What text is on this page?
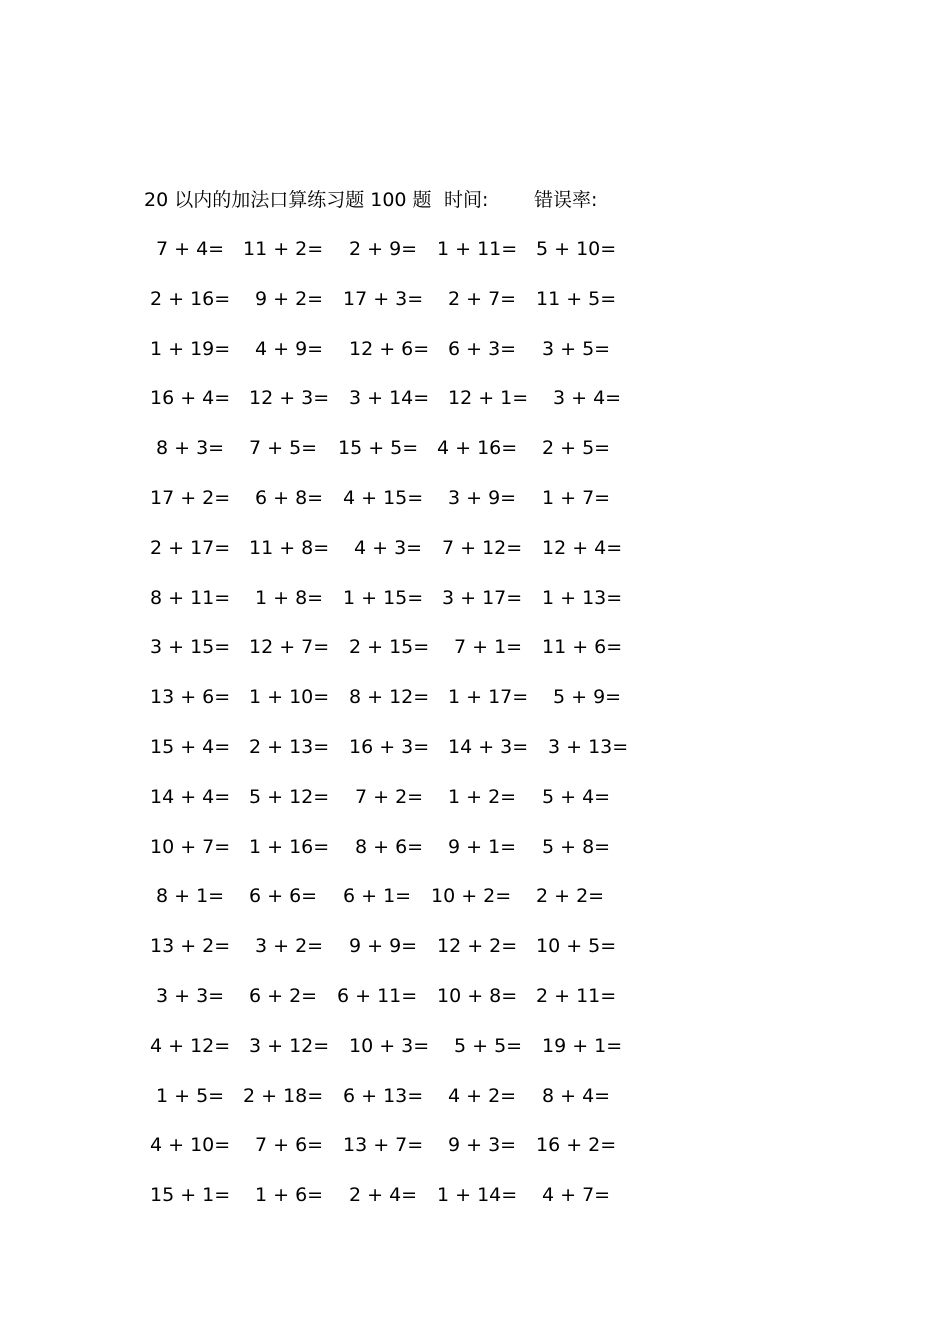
20 以内的加法口算练习题 100 题 时间: 错误率:
7 + 4= 11 + 2= 2 + 9= 1 + 11= 5 + 10=
2 + 16= 9 + 2= 17 + 3= 2 + 7= 11 + 5=
1 + 19= 4 + 9= 12 + 6= 6 + 3= 3 + 5=
16 + 4= 12 + 3= 3 + 14= 12 + 1= 3 + 4=
8 + 3= 7 + 5= 15 + 5= 4 + 16= 2 + 5=
17 + 2= 6 + 8= 4 + 15= 3 + 9= 1 + 7=
2 + 17= 11 + 8= 4 + 3= 7 + 12= 12 + 4=
8 + 11= 1 + 8= 1 + 15= 3 + 17= 1 + 13=
3 + 15= 12 + 7= 2 + 15= 7 + 1= 11 + 6=
13 + 6= 1 + 10= 8 + 12= 1 + 17= 5 + 9=
15 + 4= 2 + 13= 16 + 3= 14 + 3= 3 + 13=
14 + 4= 5 + 12= 7 + 2= 1 + 2= 5 + 4=
10 + 7= 1 + 16= 8 + 6= 9 + 1= 5 + 8=
8 + 1= 6 + 6= 6 + 1= 10 + 2= 2 + 2=
13 + 2= 3 + 2= 9 + 9= 12 + 2= 10 + 5=
3 + 3= 6 + 2= 6 + 11= 10 + 8= 2 + 11=
4 + 12= 3 + 12= 10 + 3= 5 + 5= 19 + 1=
1 + 5= 2 + 18= 6 + 13= 4 + 2= 8 + 4=
4 + 10= 7 + 6= 13 + 7= 9 + 3= 16 + 2=
15 + 1= 1 + 6= 2 + 4= 1 + 14= 4 + 7=
